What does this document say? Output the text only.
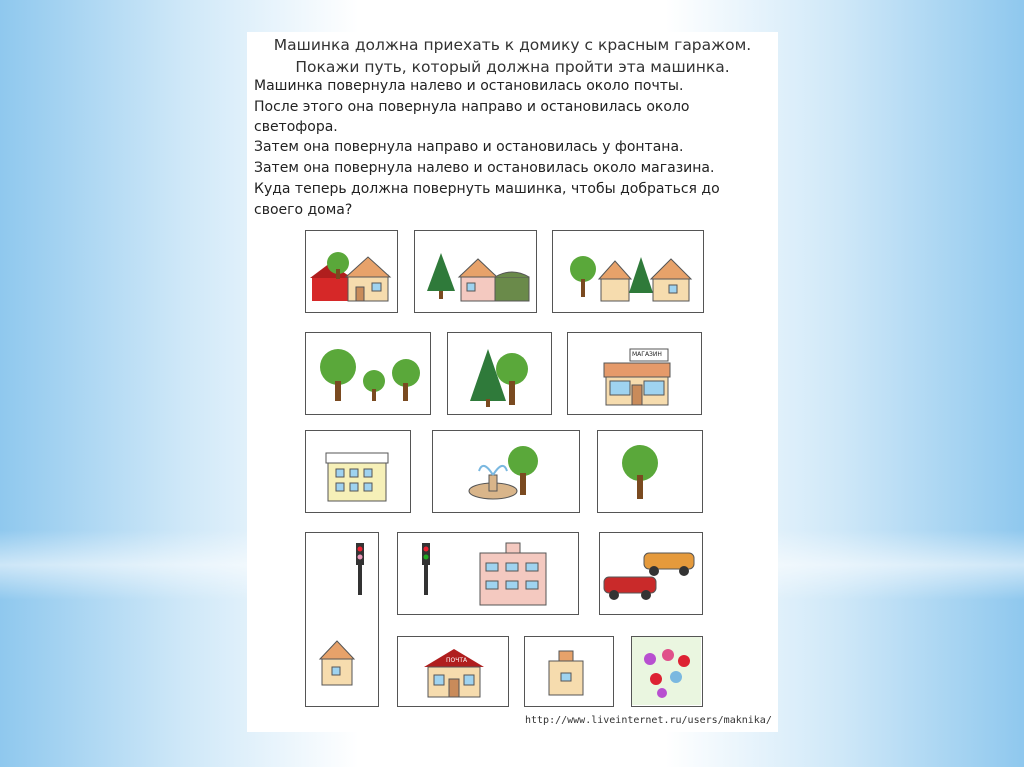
Машинка должна приехать к домику с красным гаражом.
Покажи путь, который должна пройти эта машинка.
Машинка повернула налево и остановилась около почты.
После этого она повернула направо и остановилась около
светофора.
Затем она повернула направо и остановилась у фонтана.
Затем она повернула налево и остановилась около магазина.
Куда теперь должна повернуть машинка, чтобы добраться до
своего дома?
МАГАЗИН
ПОЧТА
http://www.liveinternet.ru/users/maknika/
